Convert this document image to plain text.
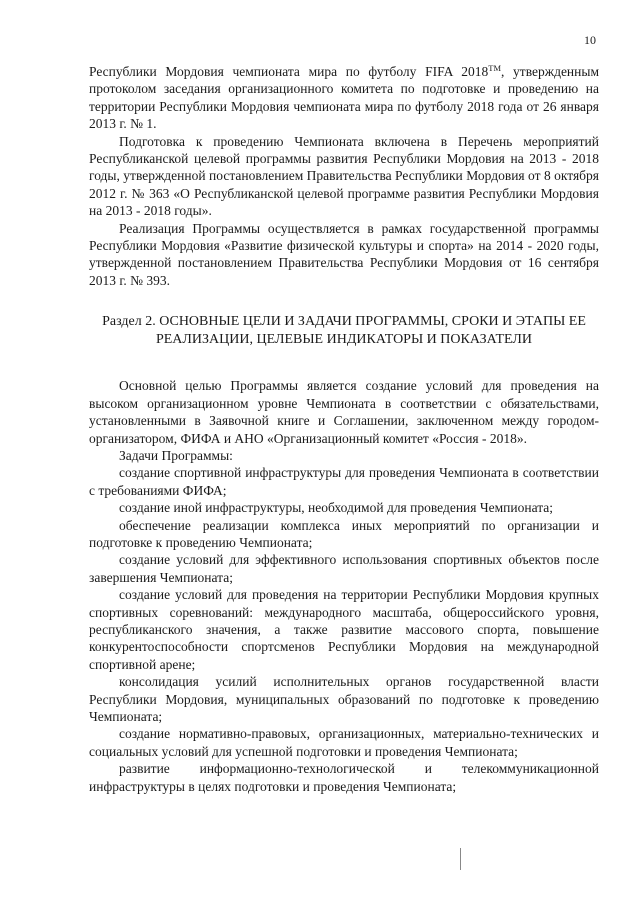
10

Республики Мордовия чемпионата мира по футболу FIFA 2018™, утвержденным протоколом заседания организационного комитета по подготовке и проведению на территории Республики Мордовия чемпионата мира по футболу 2018 года от 26 января 2013 г. № 1.

Подготовка к проведению Чемпионата включена в Перечень мероприятий Республиканской целевой программы развития Республики Мордовия на 2013 - 2018 годы, утвержденной постановлением Правительства Республики Мордовия от 8 октября 2012 г. № 363 «О Республиканской целевой программе развития Республики Мордовия на 2013 - 2018 годы».

Реализация Программы осуществляется в рамках государственной программы Республики Мордовия «Развитие физической культуры и спорта» на 2014 - 2020 годы, утвержденной постановлением Правительства Республики Мордовия от 16 сентября 2013 г. № 393.

Раздел 2. ОСНОВНЫЕ ЦЕЛИ И ЗАДАЧИ ПРОГРАММЫ, СРОКИ И ЭТАПЫ ЕЕ РЕАЛИЗАЦИИ, ЦЕЛЕВЫЕ ИНДИКАТОРЫ И ПОКАЗАТЕЛИ

Основной целью Программы является создание условий для проведения на высоком организационном уровне Чемпионата в соответствии с обязательствами, установленными в Заявочной книге и Соглашении, заключенном между городом-организатором, ФИФА и АНО «Организационный комитет «Россия - 2018».

Задачи Программы:

создание спортивной инфраструктуры для проведения Чемпионата в соответствии с требованиями ФИФА;

создание иной инфраструктуры, необходимой для проведения Чемпионата;

обеспечение реализации комплекса иных мероприятий по организации и подготовке к проведению Чемпионата;

создание условий для эффективного использования спортивных объектов после завершения Чемпионата;

создание условий для проведения на территории Республики Мордовия крупных спортивных соревнований: международного масштаба, общероссийского уровня, республиканского значения, а также развитие массового спорта, повышение конкурентоспособности спортсменов Республики Мордовия на международной спортивной арене;

консолидация усилий исполнительных органов государственной власти Республики Мордовия, муниципальных образований по подготовке к проведению Чемпионата;

создание нормативно-правовых, организационных, материально-технических и социальных условий для успешной подготовки и проведения Чемпионата;

развитие информационно-технологической и телекоммуникационной инфраструктуры в целях подготовки и проведения Чемпионата;
